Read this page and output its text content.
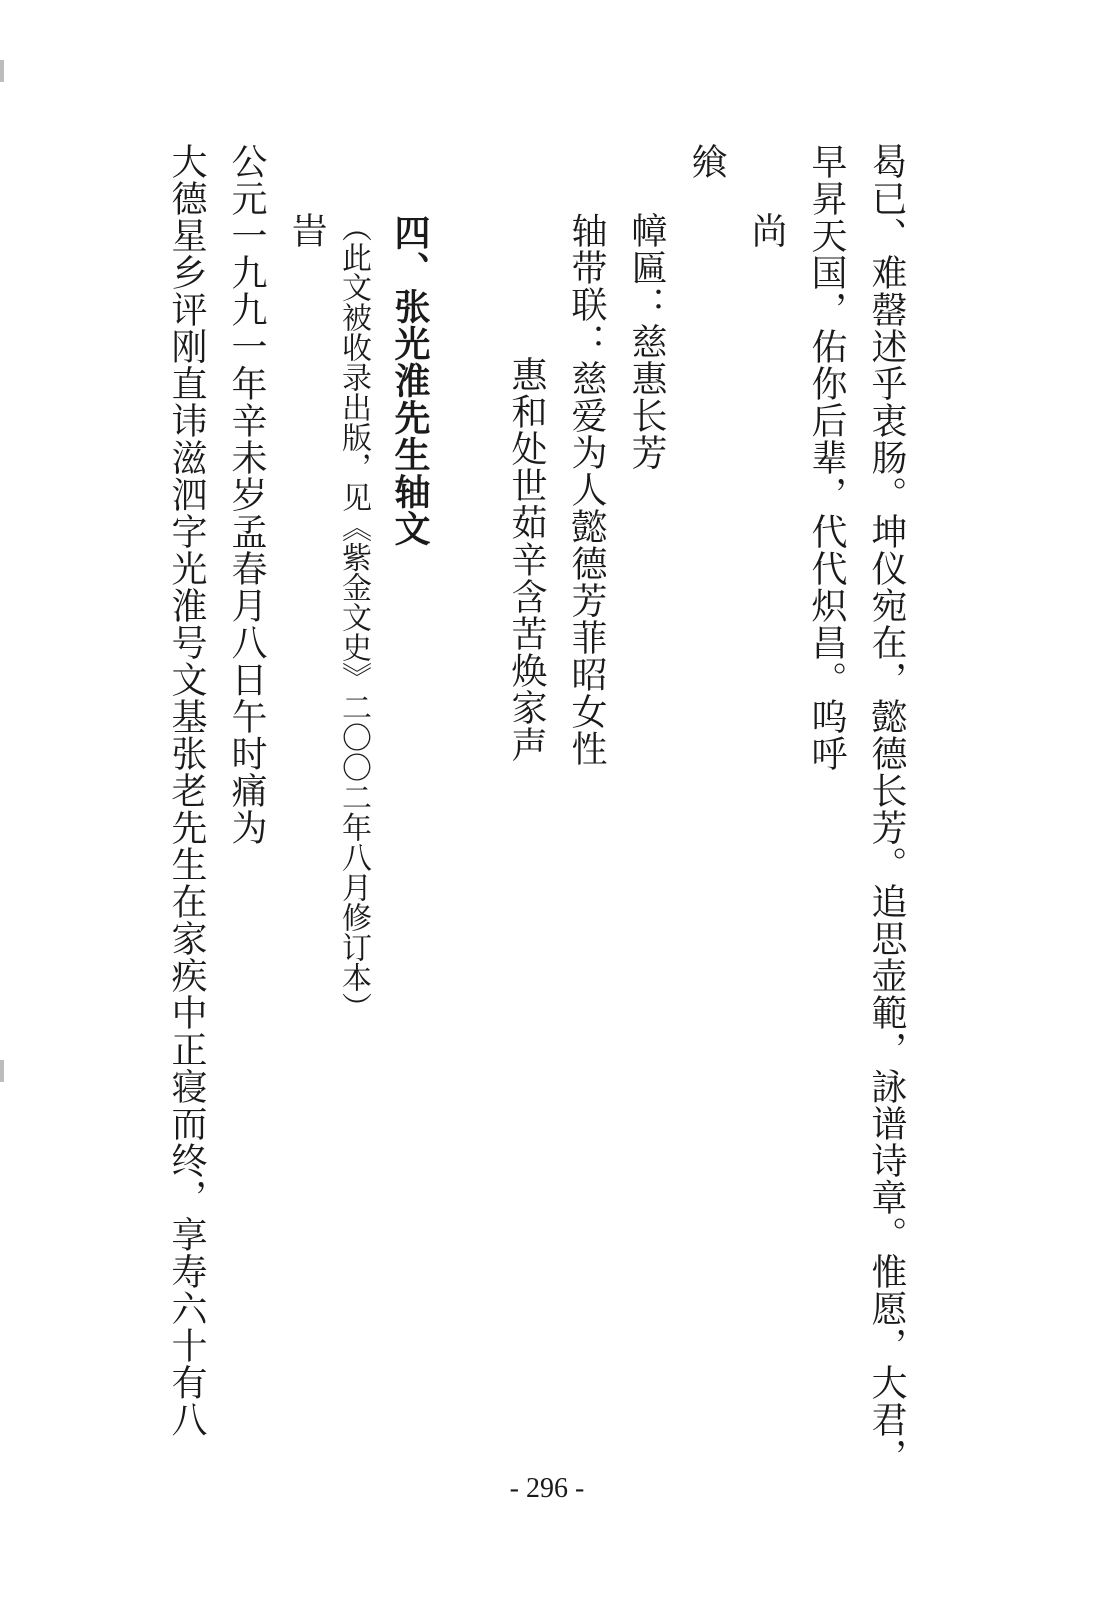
曷已、难罄述乎衷肠。坤仪宛在，懿德长芳。追思壶範，詠谱诗章。惟愿，大君，
早昇天国，佑你后辈，代代炽昌。呜呼
尚
飨
幛匾：慈惠长芳
轴带联：慈爱为人懿德芳菲昭女性
惠和处世茹辛含苦焕家声
四、张光淮先生轴文
（此文被收录出版，见《紫金文史》二〇〇二年八月修订本）
旹
公元一九九一年辛未岁孟春月八日午时痛为
大德星乡评刚直讳滋泗字光淮号文基张老先生在家疾中正寝而终，享寿六十有八
- 296 -
